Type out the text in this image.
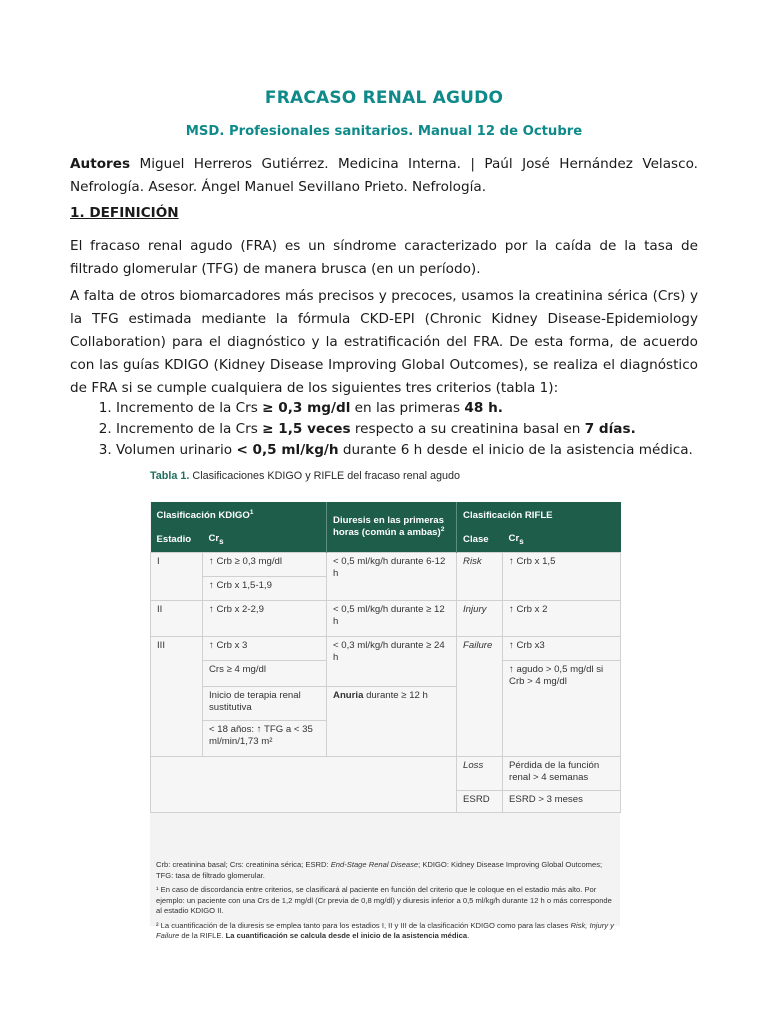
FRACASO RENAL AGUDO
MSD. Profesionales sanitarios. Manual 12 de Octubre

Autores Miguel Herreros Gutiérrez. Medicina Interna. | Paúl José Hernández Velasco. Nefrología. Asesor. Ángel Manuel Sevillano Prieto. Nefrología.

1. DEFINICIÓN

El fracaso renal agudo (FRA) es un síndrome caracterizado por la caída de la tasa de filtrado glomerular (TFG) de manera brusca (en un período).

A falta de otros biomarcadores más precisos y precoces, usamos la creatinina sérica (Crs) y la TFG estimada mediante la fórmula CKD-EPI (Chronic Kidney Disease-Epidemiology Collaboration) para el diagnóstico y la estratificación del FRA. De esta forma, de acuerdo con las guías KDIGO (Kidney Disease Improving Global Outcomes), se realiza el diagnóstico de FRA si se cumple cualquiera de los siguientes tres criterios (tabla 1):

1. Incremento de la Crs ≥ 0,3 mg/dl en las primeras 48 h.
2. Incremento de la Crs ≥ 1,5 veces respecto a su creatinina basal en 7 días.
3. Volumen urinario < 0,5 ml/kg/h durante 6 h desde el inicio de la asistencia médica.
Tabla 1. Clasificaciones KDIGO y RIFLE del fracaso renal agudo
Clasificación KDIGO$^1$		Diuresis en las primeras horas (común a ambas)$^2$	Clasificación RIFLE	
Estadio	$Cr_s$		Clase	$Cr_s$
I	↑ Crb ≥ 0,3 mg/dl	< 0,5 ml/kg/h durante 6-12 h	Risk	↑ Crb x 1,5
	↑ Crb x 1,5-1,9			
II	↑ Crb x 2-2,9	< 0,5 ml/kg/h durante ≥ 12 h	Injury	↑ Crb x 2
III	↑ Crb x 3	< 0,3 ml/kg/h durante ≥ 24 h	Failure	↑ Crb x3
	Crs ≥ 4 mg/dl			↑ agudo > 0,5 mg/dl si Crb > 4 mg/dl
	Inicio de terapia renal sustitutiva	Anuria durante ≥ 12 h		
	< 18 años: ↑ TFG a < 35 ml/min/1,73 m²			
			Loss	Pérdida de la función renal > 4 semanas
			ESRD	ESRD > 3 meses

Crb: creatinina basal; Crs: creatinina sérica; ESRD: End-Stage Renal Disease; KDIGO: Kidney Disease Improving Global Outcomes; TFG: tasa de filtrado glomerular.

¹ En caso de discordancia entre criterios, se clasificará al paciente en función del criterio que le coloque en el estadio más alto. Por ejemplo: un paciente con una Crs de 1,2 mg/dl (Cr previa de 0,8 mg/dl) y diuresis inferior a 0,5 ml/kg/h durante 12 h o más corresponde al estadio KDIGO II.

² La cuantificación de la diuresis se emplea tanto para los estadios I, II y III de la clasificación KDIGO como para las clases Risk, Injury y Failure de la RIFLE. La cuantificación se calcula desde el inicio de la asistencia médica.
